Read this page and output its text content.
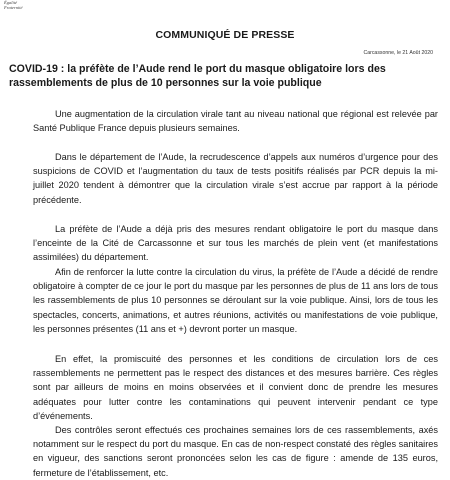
Égalité
Fraternité
COMMUNIQUÉ DE PRESSE
Carcassonne, le 21 Août 2020
COVID-19 : la préfète de l’Aude rend le port du masque obligatoire lors des rassemblements de plus de 10 personnes sur la voie publique
Une augmentation de la circulation virale tant au niveau national que régional est relevée par Santé Publique France depuis plusieurs semaines.
Dans le département de l’Aude, la recrudescence d’appels aux numéros d’urgence pour des suspicions de COVID et l’augmentation du taux de tests positifs réalisés par PCR depuis la mi-juillet 2020 tendent à démontrer que la circulation virale s’est accrue par rapport à la période précédente.
La préfète de l’Aude a déjà pris des mesures rendant obligatoire le port du masque dans l’enceinte de la Cité de Carcassonne et sur tous les marchés de plein vent (et manifestations assimilées) du département.
Afin de renforcer la lutte contre la circulation du virus, la préfète de l’Aude a décidé de rendre obligatoire à compter de ce jour le port du masque par les personnes de plus de 11 ans lors de tous les rassemblements de plus 10 personnes se déroulant sur la voie publique. Ainsi, lors de tous les spectacles, concerts, animations, et autres réunions, activités ou manifestations de voie publique, les personnes présentes (11 ans et +) devront porter un masque.
En effet, la promiscuité des personnes et les conditions de circulation lors de ces rassemblements ne permettent pas le respect des distances et des mesures barrière. Ces règles sont par ailleurs de moins en moins observées et il convient donc de prendre les mesures adéquates pour lutter contre les contaminations qui peuvent intervenir pendant ce type d’événements.
Des contrôles seront effectués ces prochaines semaines lors de ces rassemblements, axés notamment sur le respect du port du masque. En cas de non-respect constaté des règles sanitaires en vigueur, des sanctions seront prononcées selon les cas de figure : amende de 135 euros, fermeture de l’établissement, etc.
